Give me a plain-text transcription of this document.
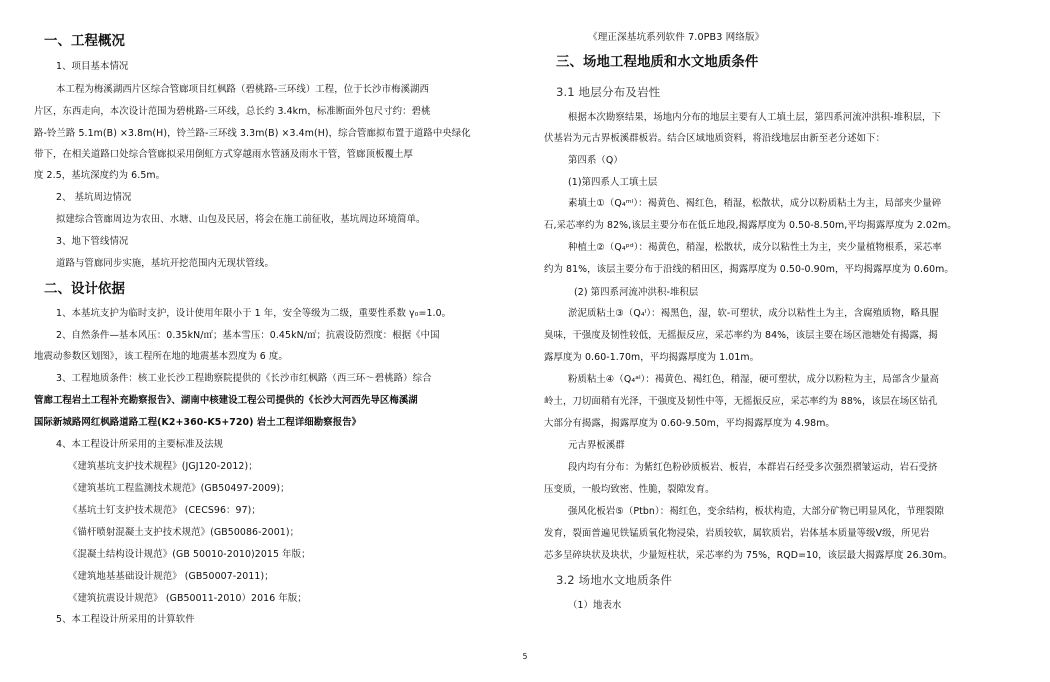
一、工程概况
1、项目基本情况
本工程为梅溪湖西片区综合管廊项目红枫路（碧桃路-三环线）工程，位于长沙市梅溪湖西
片区，东西走向，本次设计范围为碧桃路-三环线，总长约 3.4km，标准断面外包尺寸约：碧桃
路-铃兰路 5.1m(B) ×3.8m(H)，铃兰路-三环线 3.3m(B) ×3.4m(H)，综合管廊拟布置于道路中央绿化
带下，在相关道路口处综合管廊拟采用倒虹方式穿越雨水管涵及雨水干管，管廊顶板覆土厚
度 2.5，基坑深度约为 6.5m。
2、 基坑周边情况
拟建综合管廊周边为农田、水塘、山包及民居，将会在施工前征收，基坑周边环境简单。
3、地下管线情况
道路与管廊同步实施，基坑开挖范围内无现状管线。
二、设计依据
1、本基坑支护为临时支护，设计使用年限小于 1 年，安全等级为二级，重要性系数 γ₀=1.0。
2、自然条件—基本风压：0.35kN/㎡；基本雪压：0.45kN/㎡；抗震设防烈度：根据《中国
地震动参数区划图》，该工程所在地的地震基本烈度为 6 度。
3、工程地质条件：核工业长沙工程勘察院提供的《长沙市红枫路（西三环～碧桃路）综合
管廊工程岩土工程补充勘察报告》、湖南中核建设工程公司提供的《长沙大河西先导区梅溪湖
国际新城路网红枫路道路工程(K2+360-K5+720) 岩土工程详细勘察报告》
4、本工程设计所采用的主要标准及法规
《建筑基坑支护技术规程》(JGJ120-2012)；
《建筑基坑工程监测技术规范》(GB50497-2009)；
《基坑土钉支护技术规范》 (CECS96：97)；
《锚杆喷射混凝土支护技术规范》(GB50086-2001)；
《混凝土结构设计规范》(GB 50010-2010)2015 年版；
《建筑地基基础设计规范》 (GB50007-2011)；
《建筑抗震设计规范》 (GB50011-2010）2016 年版；
5、本工程设计所采用的计算软件
《理正深基坑系列软件 7.0PB3 网络版》
三、场地工程地质和水文地质条件
3.1 地层分布及岩性
根据本次勘察结果，场地内分布的地层主要有人工填土层，第四系河流冲洪积-堆积层，下
伏基岩为元古界板溪群板岩。结合区域地质资料，将沿线地层由新至老分述如下：
第四系（Q）
(1)第四系人工填土层
素填土①（Q₄ᵐˡ）：褐黄色、褐红色，稍湿，松散状，成分以粉质粘土为主，局部夹少量碎
石,采芯率约为 82%,该层主要分布在低丘地段,揭露厚度为 0.50-8.50m,平均揭露厚度为 2.02m。
种植土②（Q₄ᵖᵈ）：褐黄色，稍湿，松散状，成分以粘性土为主，夹少量植物根系，采芯率
约为 81%，该层主要分布于沿线的稻田区，揭露厚度为 0.50-0.90m，平均揭露厚度为 0.60m。
(2) 第四系河流冲洪积-堆积层
淤泥质粘土③（Q₄ˡ）：褐黑色，湿，软-可塑状，成分以粘性土为主，含腐殖质物，略具腥
臭味，干强度及韧性较低，无摇振反应，采芯率约为 84%，该层主要在场区池塘处有揭露，揭
露厚度为 0.60-1.70m，平均揭露厚度为 1.01m。
粉质粘土④（Q₄ᵃˡ）：褐黄色、褐红色，稍湿，硬可塑状，成分以粉粒为主，局部含少量高
岭土，刀切面稍有光泽，干强度及韧性中等，无摇振反应，采芯率约为 88%，该层在场区钻孔
大部分有揭露，揭露厚度为 0.60-9.50m，平均揭露厚度为 4.98m。
元古界板溪群
段内均有分布：为紫红色粉砂质板岩、板岩，本群岩石经受多次强烈褶皱运动，岩石受挤
压变质，一般均致密、性脆，裂隙发育。
强风化板岩⑤（Ptbn）：褐红色，变余结构，板状构造，大部分矿物已明显风化，节理裂隙
发育，裂面普遍见铁锰质氧化物浸染，岩质较软，属软质岩，岩体基本质量等级Ⅴ级，所见岩
芯多呈碎块状及块状，少量短柱状，采芯率约为 75%，RQD=10，该层最大揭露厚度 26.30m。
3.2 场地水文地质条件
（1）地表水
5
